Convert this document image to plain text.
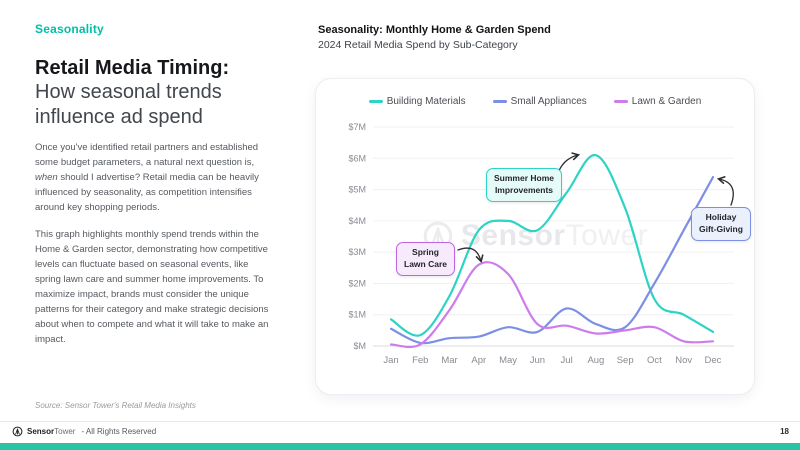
Seasonality
Retail Media Timing:
How seasonal trends influence ad spend

Once you've identified retail partners and established some budget parameters, a natural next question is, when should I advertise? Retail media can be heavily influenced by seasonality, as competition intensifies around key shopping periods.

This graph highlights monthly spend trends within the Home & Garden sector, demonstrating how competitive levels can fluctuate based on seasonal events, like spring lawn care and summer home improvements. To maximize impact, brands must consider the unique patterns for their category and make strategic decisions about when to compete and what it will take to make an impact.

Source: Sensor Tower's Retail Media Insights
Seasonality: Monthly Home & Garden Spend
2024 Retail Media Spend by Sub-Category
SensorTower
Building Materials	Small Appliances	Lawn & Garden
$M
$1M
$2M
$3M
$4M
$5M
$6M
$7M
Jan Feb Mar Apr May Jun Jul Aug Sep Oct Nov Dec
Spring
Lawn Care
Summer Home
Improvements
Holiday
Gift-Giving
SensorTower - All Rights Reserved	18
